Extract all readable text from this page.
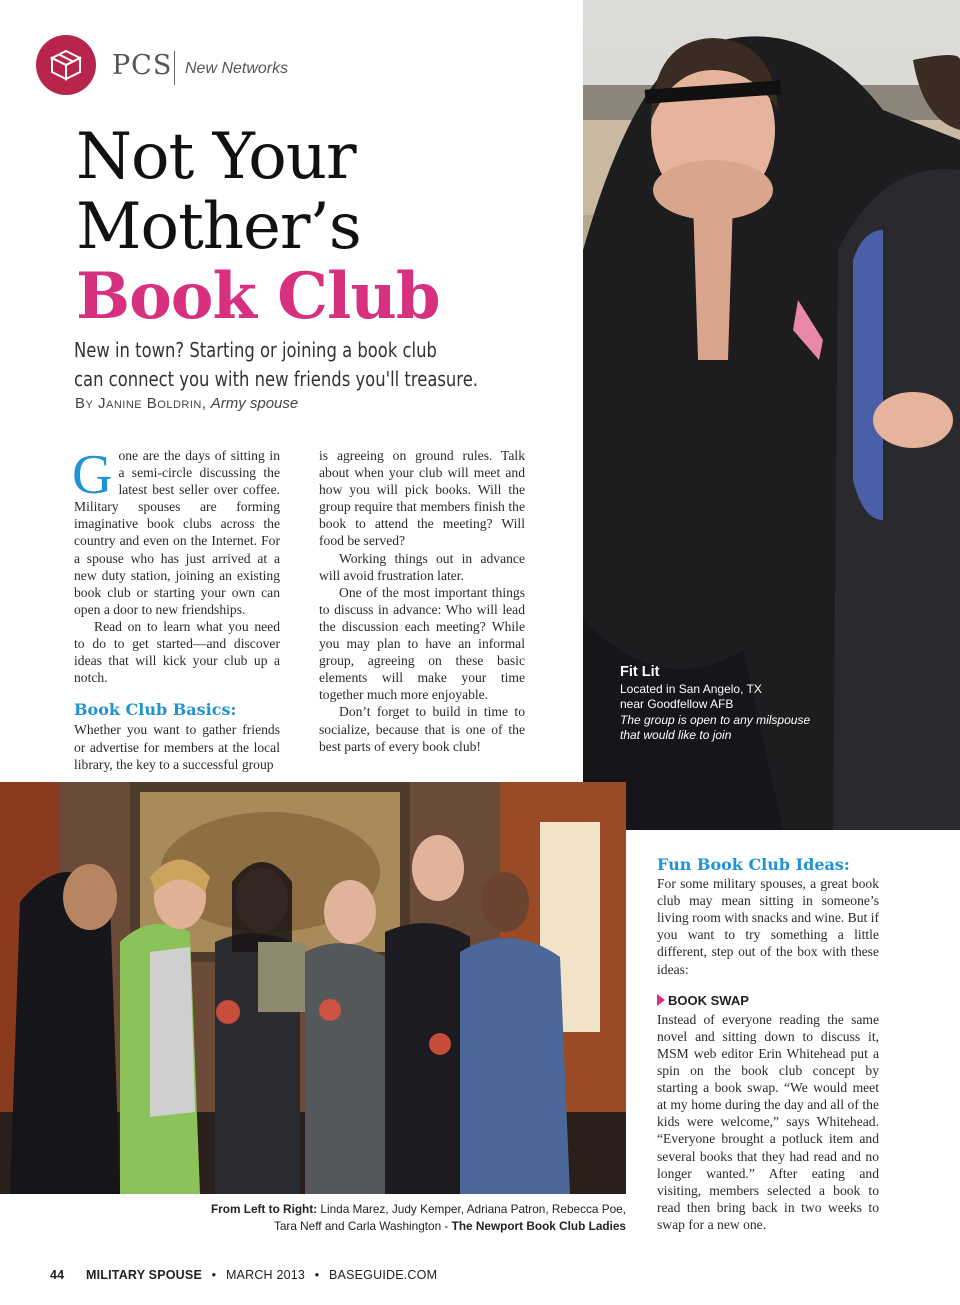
PCS New Networks
Not Your
Mother’s
Book Club
New in town? Starting or joining a book club
can connect you with new friends you'll treasure.
By Janine Boldrin, Army spouse

Gone are the days of sitting in a semi-circle discussing the latest best seller over coffee. Military spouses are forming imaginative book clubs across the country and even on the Internet. For a spouse who has just arrived at a new duty station, joining an existing book club or starting your own can open a door to new friendships.

Read on to learn what you need to do to get started—and discover ideas that will kick your club up a notch.

Book Club Basics:

Whether you want to gather friends or advertise for members at the local library, the key to a successful group

is agreeing on ground rules. Talk about when your club will meet and how you will pick books. Will the group require that members finish the book to attend the meeting? Will food be served?

Working things out in advance will avoid frustration later.

One of the most important things to discuss in advance: Who will lead the discussion each meeting? While you may plan to have an informal group, agreeing on these basic elements will make your time together much more enjoyable.

Don’t forget to build in time to socialize, because that is one of the best parts of every book club!

Fit Lit
Located in San Angelo, TX
near Goodfellow AFB
The group is open to any milspouse
that would like to join
From Left to Right: Linda Marez, Judy Kemper, Adriana Patron, Rebecca Poe,
Tara Neff and Carla Washington - The Newport Book Club Ladies
Fun Book Club Ideas:

For some military spouses, a great book club may mean sitting in someone’s living room with snacks and wine. But if you want to try something a little different, step out of the box with these ideas:

BOOK SWAP

Instead of everyone reading the same novel and sitting down to discuss it, MSM web editor Erin Whitehead put a spin on the book club concept by starting a book swap. “We would meet at my home during the day and all of the kids were welcome,” says Whitehead. “Everyone brought a potluck item and several books that they had read and no longer wanted.” After eating and visiting, members selected a book to read then bring back in two weeks to swap for a new one.

44 MILITARY SPOUSE • MARCH 2013 • BASEGUIDE.COM
